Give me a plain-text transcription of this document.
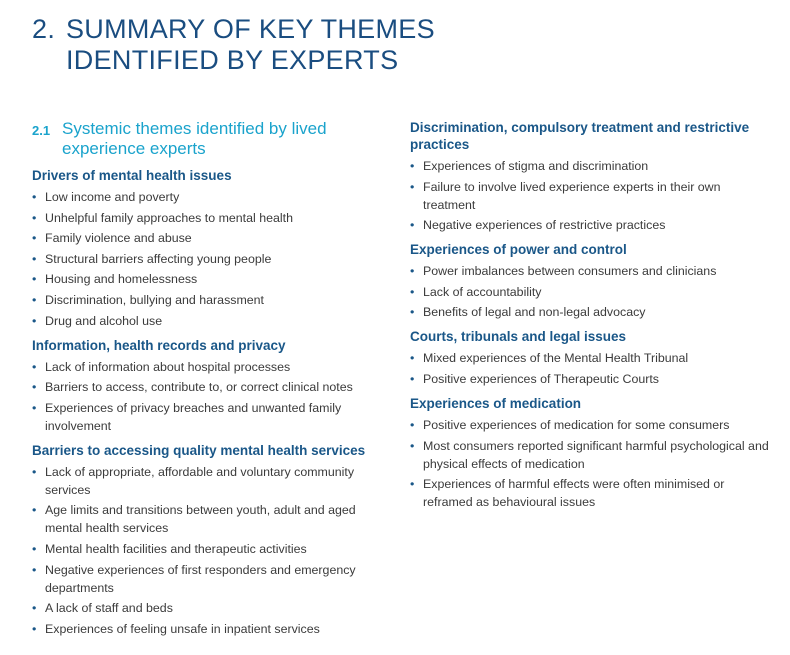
2. SUMMARY OF KEY THEMES
IDENTIFIED BY EXPERTS
2.1 Systemic themes identified by lived experience experts
Drivers of mental health issues
• Low income and poverty
• Unhelpful family approaches to mental health
• Family violence and abuse
• Structural barriers affecting young people
• Housing and homelessness
• Discrimination, bullying and harassment
• Drug and alcohol use
Information, health records and privacy
• Lack of information about hospital processes
• Barriers to access, contribute to, or correct clinical notes
• Experiences of privacy breaches and unwanted family involvement
Barriers to accessing quality mental health services
• Lack of appropriate, affordable and voluntary community services
• Age limits and transitions between youth, adult and aged mental health services
• Mental health facilities and therapeutic activities
• Negative experiences of first responders and emergency departments
• A lack of staff and beds
• Experiences of feeling unsafe in inpatient services
Discrimination, compulsory treatment and restrictive practices
• Experiences of stigma and discrimination
• Failure to involve lived experience experts in their own treatment
• Negative experiences of restrictive practices
Experiences of power and control
• Power imbalances between consumers and clinicians
• Lack of accountability
• Benefits of legal and non-legal advocacy
Courts, tribunals and legal issues
• Mixed experiences of the Mental Health Tribunal
• Positive experiences of Therapeutic Courts
Experiences of medication
• Positive experiences of medication for some consumers
• Most consumers reported significant harmful psychological and physical effects of medication
• Experiences of harmful effects were often minimised or reframed as behavioural issues
